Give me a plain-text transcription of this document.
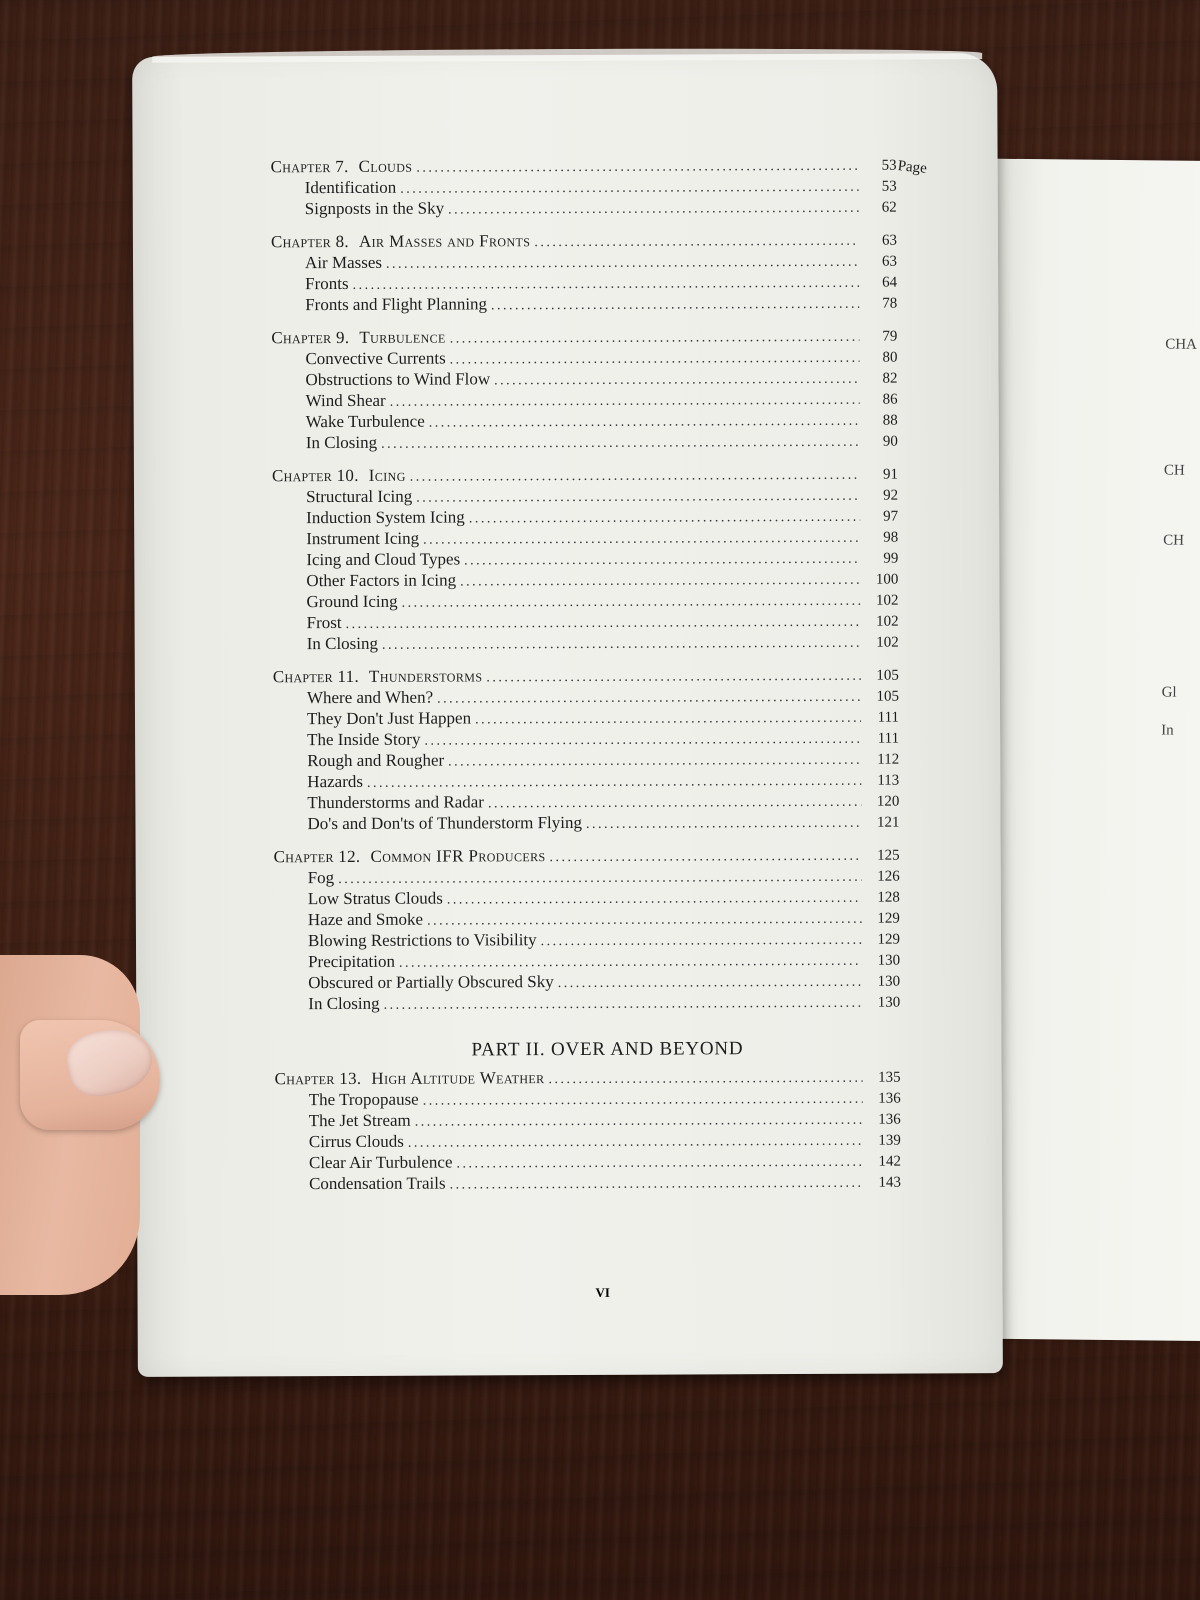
CHA
CH
CH
Gl
In
Page
Chapter 7. Clouds . . .	53
Identification . . .	53
Signposts in the Sky . . .	62
Chapter 8. Air Masses and Fronts . . .	63
Air Masses . . .	63
Fronts . . .	64
Fronts and Flight Planning . . .	78
Chapter 9. Turbulence . . .	79
Convective Currents . . .	80
Obstructions to Wind Flow . . .	82
Wind Shear . . .	86
Wake Turbulence . . .	88
In Closing . . .	90
Chapter 10. Icing . . .	91
Structural Icing . . .	92
Induction System Icing . . .	97
Instrument Icing . . .	98
Icing and Cloud Types . . .	99
Other Factors in Icing . . .	100
Ground Icing . . .	102
Frost . . .	102
In Closing . . .	102
Chapter 11. Thunderstorms . . .	105
Where and When? . . .	105
They Don't Just Happen . . .	111
The Inside Story . . .	111
Rough and Rougher . . .	112
Hazards . . .	113
Thunderstorms and Radar . . .	120
Do's and Don'ts of Thunderstorm Flying . . .	121
Chapter 12. Common IFR Producers . . .	125
Fog . . .	126
Low Stratus Clouds . . .	128
Haze and Smoke . . .	129
Blowing Restrictions to Visibility . . .	129
Precipitation . . .	130
Obscured or Partially Obscured Sky . . .	130
In Closing . . .	130
PART II. OVER AND BEYOND
Chapter 13. High Altitude Weather . . .	135
The Tropopause . . .	136
The Jet Stream . . .	136
Cirrus Clouds . . .	139
Clear Air Turbulence . . .	142
Condensation Trails . . .	143
VI
